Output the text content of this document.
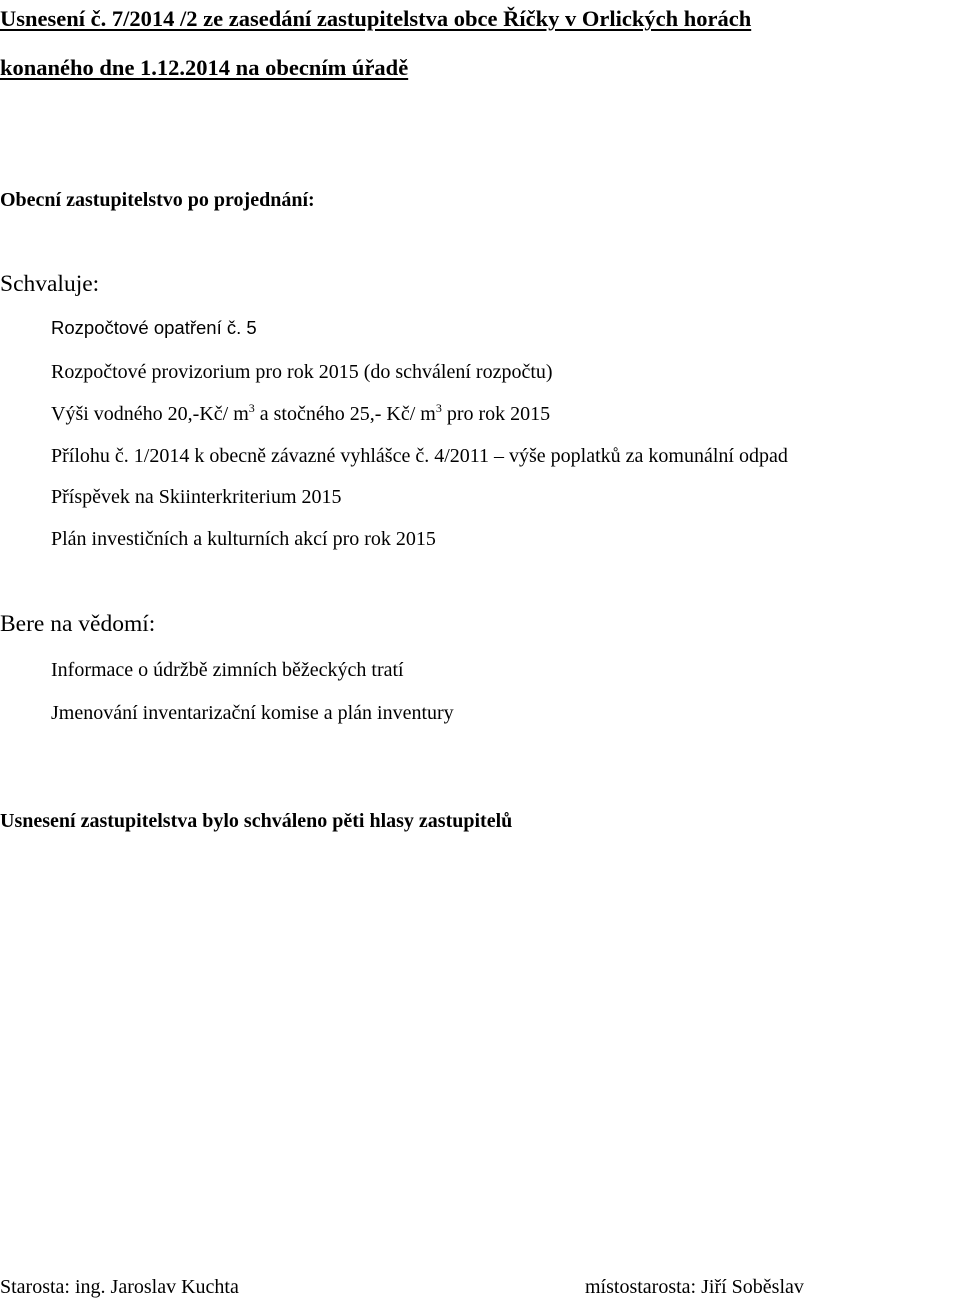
Usnesení č. 7/2014 /2 ze zasedání zastupitelstva obce Říčky v Orlických horách
konaného dne 1.12.2014 na obecním úřadě
Obecní zastupitelstvo po projednání:
Schvaluje:
Rozpočtové opatření č. 5
Rozpočtové provizorium pro rok 2015 (do schválení rozpočtu)
Výši vodného 20,-Kč/ $m^3$ a stočného 25,- Kč/ $m^3$ pro rok 2015
Přílohu č. 1/2014 k obecně závazné vyhlášce č. 4/2011 – výše poplatků za komunální odpad
Příspěvek na Skiinterkriterium 2015
Plán investičních a kulturních akcí pro rok 2015
Bere na vědomí:
Informace o údržbě zimních běžeckých tratí
Jmenování inventarizační komise a plán inventury
Usnesení zastupitelstva bylo schváleno pěti hlasy zastupitelů
Starosta: ing. Jaroslav Kuchta	místostarosta: Jiří Soběslav
